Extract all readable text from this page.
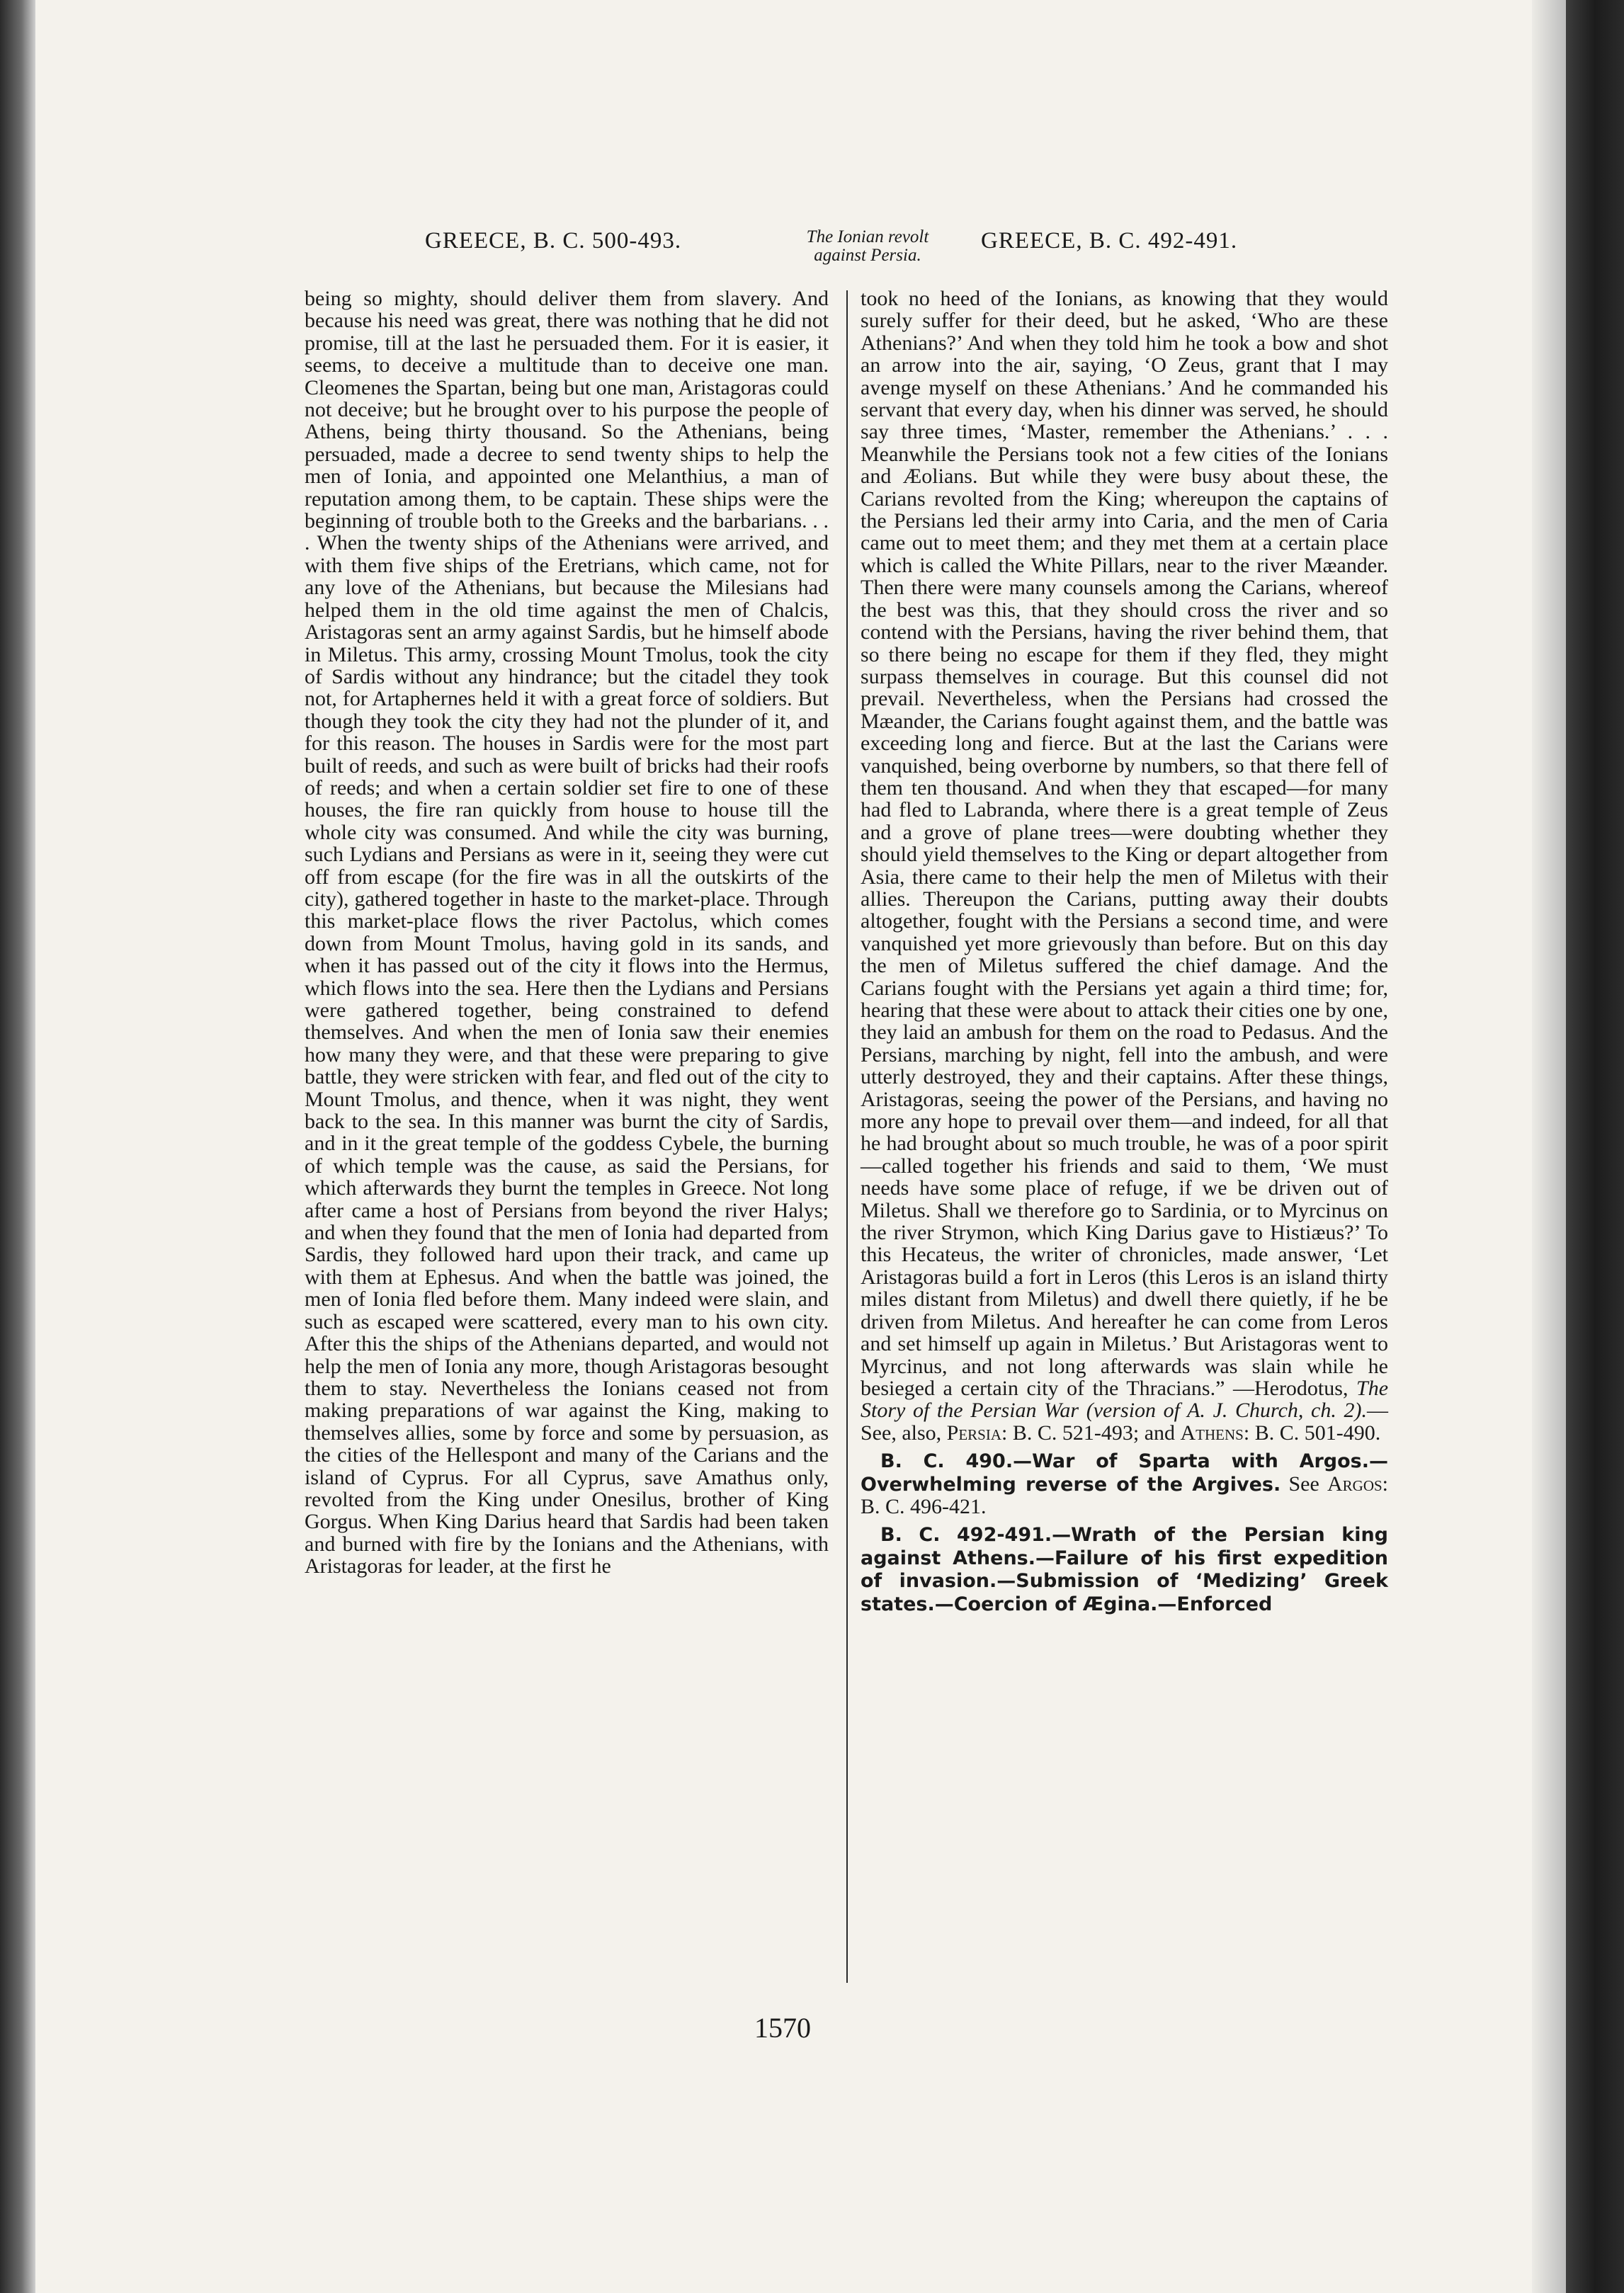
GREECE, B. C. 500-493.	The Ionian revolt
against Persia.
GREECE, B. C. 492-491.

being so mighty, should deliver them from slavery. And because his need was great, there was nothing that he did not promise, till at the last he persuaded them. For it is easier, it seems, to deceive a multitude than to deceive one man. Cleomenes the Spartan, being but one man, Aristagoras could not deceive; but he brought over to his purpose the people of Athens, being thirty thousand. So the Athenians, being persuaded, made a decree to send twenty ships to help the men of Ionia, and appointed one Melanthius, a man of reputation among them, to be captain. These ships were the beginning of trouble both to the Greeks and the barbarians. . . . When the twenty ships of the Athenians were arrived, and with them five ships of the Eretrians, which came, not for any love of the Athenians, but because the Milesians had helped them in the old time against the men of Chalcis, Aristagoras sent an army against Sardis, but he himself abode in Miletus. This army, crossing Mount Tmolus, took the city of Sardis without any hindrance; but the citadel they took not, for Artaphernes held it with a great force of soldiers. But though they took the city they had not the plunder of it, and for this reason. The houses in Sardis were for the most part built of reeds, and such as were built of bricks had their roofs of reeds; and when a certain soldier set fire to one of these houses, the fire ran quickly from house to house till the whole city was consumed. And while the city was burning, such Lydians and Persians as were in it, seeing they were cut off from escape (for the fire was in all the outskirts of the city), gathered together in haste to the market-place. Through this market-place flows the river Pactolus, which comes down from Mount Tmolus, having gold in its sands, and when it has passed out of the city it flows into the Hermus, which flows into the sea. Here then the Lydians and Persians were gathered together, being constrained to defend themselves. And when the men of Ionia saw their enemies how many they were, and that these were preparing to give battle, they were stricken with fear, and fled out of the city to Mount Tmolus, and thence, when it was night, they went back to the sea. In this manner was burnt the city of Sardis, and in it the great temple of the goddess Cybele, the burning of which temple was the cause, as said the Persians, for which afterwards they burnt the temples in Greece. Not long after came a host of Persians from beyond the river Halys; and when they found that the men of Ionia had departed from Sardis, they followed hard upon their track, and came up with them at Ephesus. And when the battle was joined, the men of Ionia fled before them. Many indeed were slain, and such as escaped were scattered, every man to his own city. After this the ships of the Athenians departed, and would not help the men of Ionia any more, though Aristagoras besought them to stay. Nevertheless the Ionians ceased not from making preparations of war against the King, making to themselves allies, some by force and some by persuasion, as the cities of the Hellespont and many of the Carians and the island of Cyprus. For all Cyprus, save Amathus only, revolted from the King under Onesilus, brother of King Gorgus. When King Darius heard that Sardis had been taken and burned with fire by the Ionians and the Athenians, with Aristagoras for leader, at the first he

took no heed of the Ionians, as knowing that they would surely suffer for their deed, but he asked, ‘Who are these Athenians?’ And when they told him he took a bow and shot an arrow into the air, saying, ‘O Zeus, grant that I may avenge myself on these Athenians.’ And he commanded his servant that every day, when his dinner was served, he should say three times, ‘Master, remember the Athenians.’ . . . Meanwhile the Persians took not a few cities of the Ionians and Æolians. But while they were busy about these, the Carians revolted from the King; whereupon the captains of the Persians led their army into Caria, and the men of Caria came out to meet them; and they met them at a certain place which is called the White Pillars, near to the river Mæander. Then there were many counsels among the Carians, whereof the best was this, that they should cross the river and so contend with the Persians, having the river behind them, that so there being no escape for them if they fled, they might surpass themselves in courage. But this counsel did not prevail. Nevertheless, when the Persians had crossed the Mæander, the Carians fought against them, and the battle was exceeding long and fierce. But at the last the Carians were vanquished, being overborne by numbers, so that there fell of them ten thousand. And when they that escaped—for many had fled to Labranda, where there is a great temple of Zeus and a grove of plane trees—were doubting whether they should yield themselves to the King or depart altogether from Asia, there came to their help the men of Miletus with their allies. Thereupon the Carians, putting away their doubts altogether, fought with the Persians a second time, and were vanquished yet more grievously than before. But on this day the men of Miletus suffered the chief damage. And the Carians fought with the Persians yet again a third time; for, hearing that these were about to attack their cities one by one, they laid an ambush for them on the road to Pedasus. And the Persians, marching by night, fell into the ambush, and were utterly destroyed, they and their captains. After these things, Aristagoras, seeing the power of the Persians, and having no more any hope to prevail over them—and indeed, for all that he had brought about so much trouble, he was of a poor spirit—called together his friends and said to them, ‘We must needs have some place of refuge, if we be driven out of Miletus. Shall we therefore go to Sardinia, or to Myrcinus on the river Strymon, which King Darius gave to Histiæus?’ To this Hecateus, the writer of chronicles, made answer, ‘Let Aristagoras build a fort in Leros (this Leros is an island thirty miles distant from Miletus) and dwell there quietly, if he be driven from Miletus. And hereafter he can come from Leros and set himself up again in Miletus.’ But Aristagoras went to Myrcinus, and not long afterwards was slain while he besieged a certain city of the Thracians.” —Herodotus, The Story of the Persian War (version of A. J. Church, ch. 2).—See, also, Persia: B. C. 521-493; and Athens: B. C. 501-490.

B. C. 490.—War of Sparta with Argos.— Overwhelming reverse of the Argives. See Argos: B. C. 496-421.

B. C. 492-491.—Wrath of the Persian king against Athens.—Failure of his first expedition of invasion.—Submission of ‘Medizing’ Greek states.—Coercion of Ægina.—Enforced

1570
